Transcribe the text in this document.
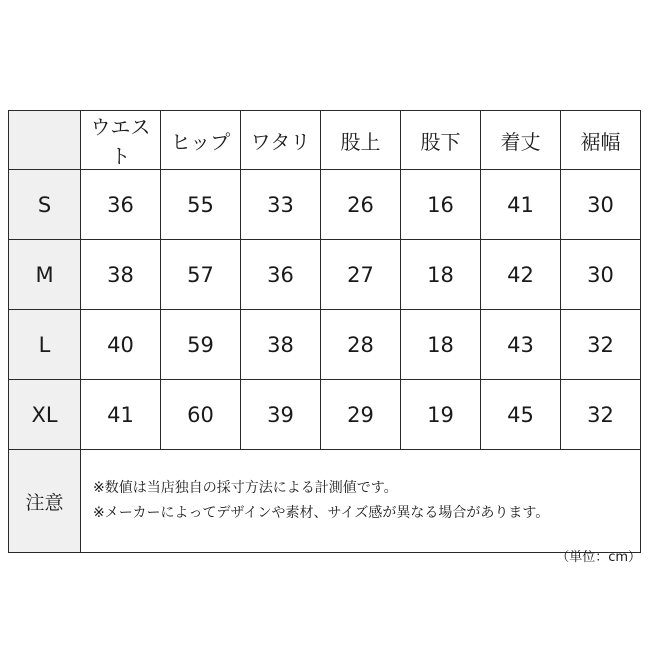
	ウエスト	ヒップ	ワタリ	股上	股下	着丈	裾幅
S	36	55	33	26	16	41	30
M	38	57	36	27	18	42	30
L	40	59	38	28	18	43	32
XL	41	60	39	29	19	45	32
注意	※数値は当店独自の採寸方法による計測値です。
※メーカーによってデザインや素材、サイズ感が異なる場合があります。						
（単位：cm）
